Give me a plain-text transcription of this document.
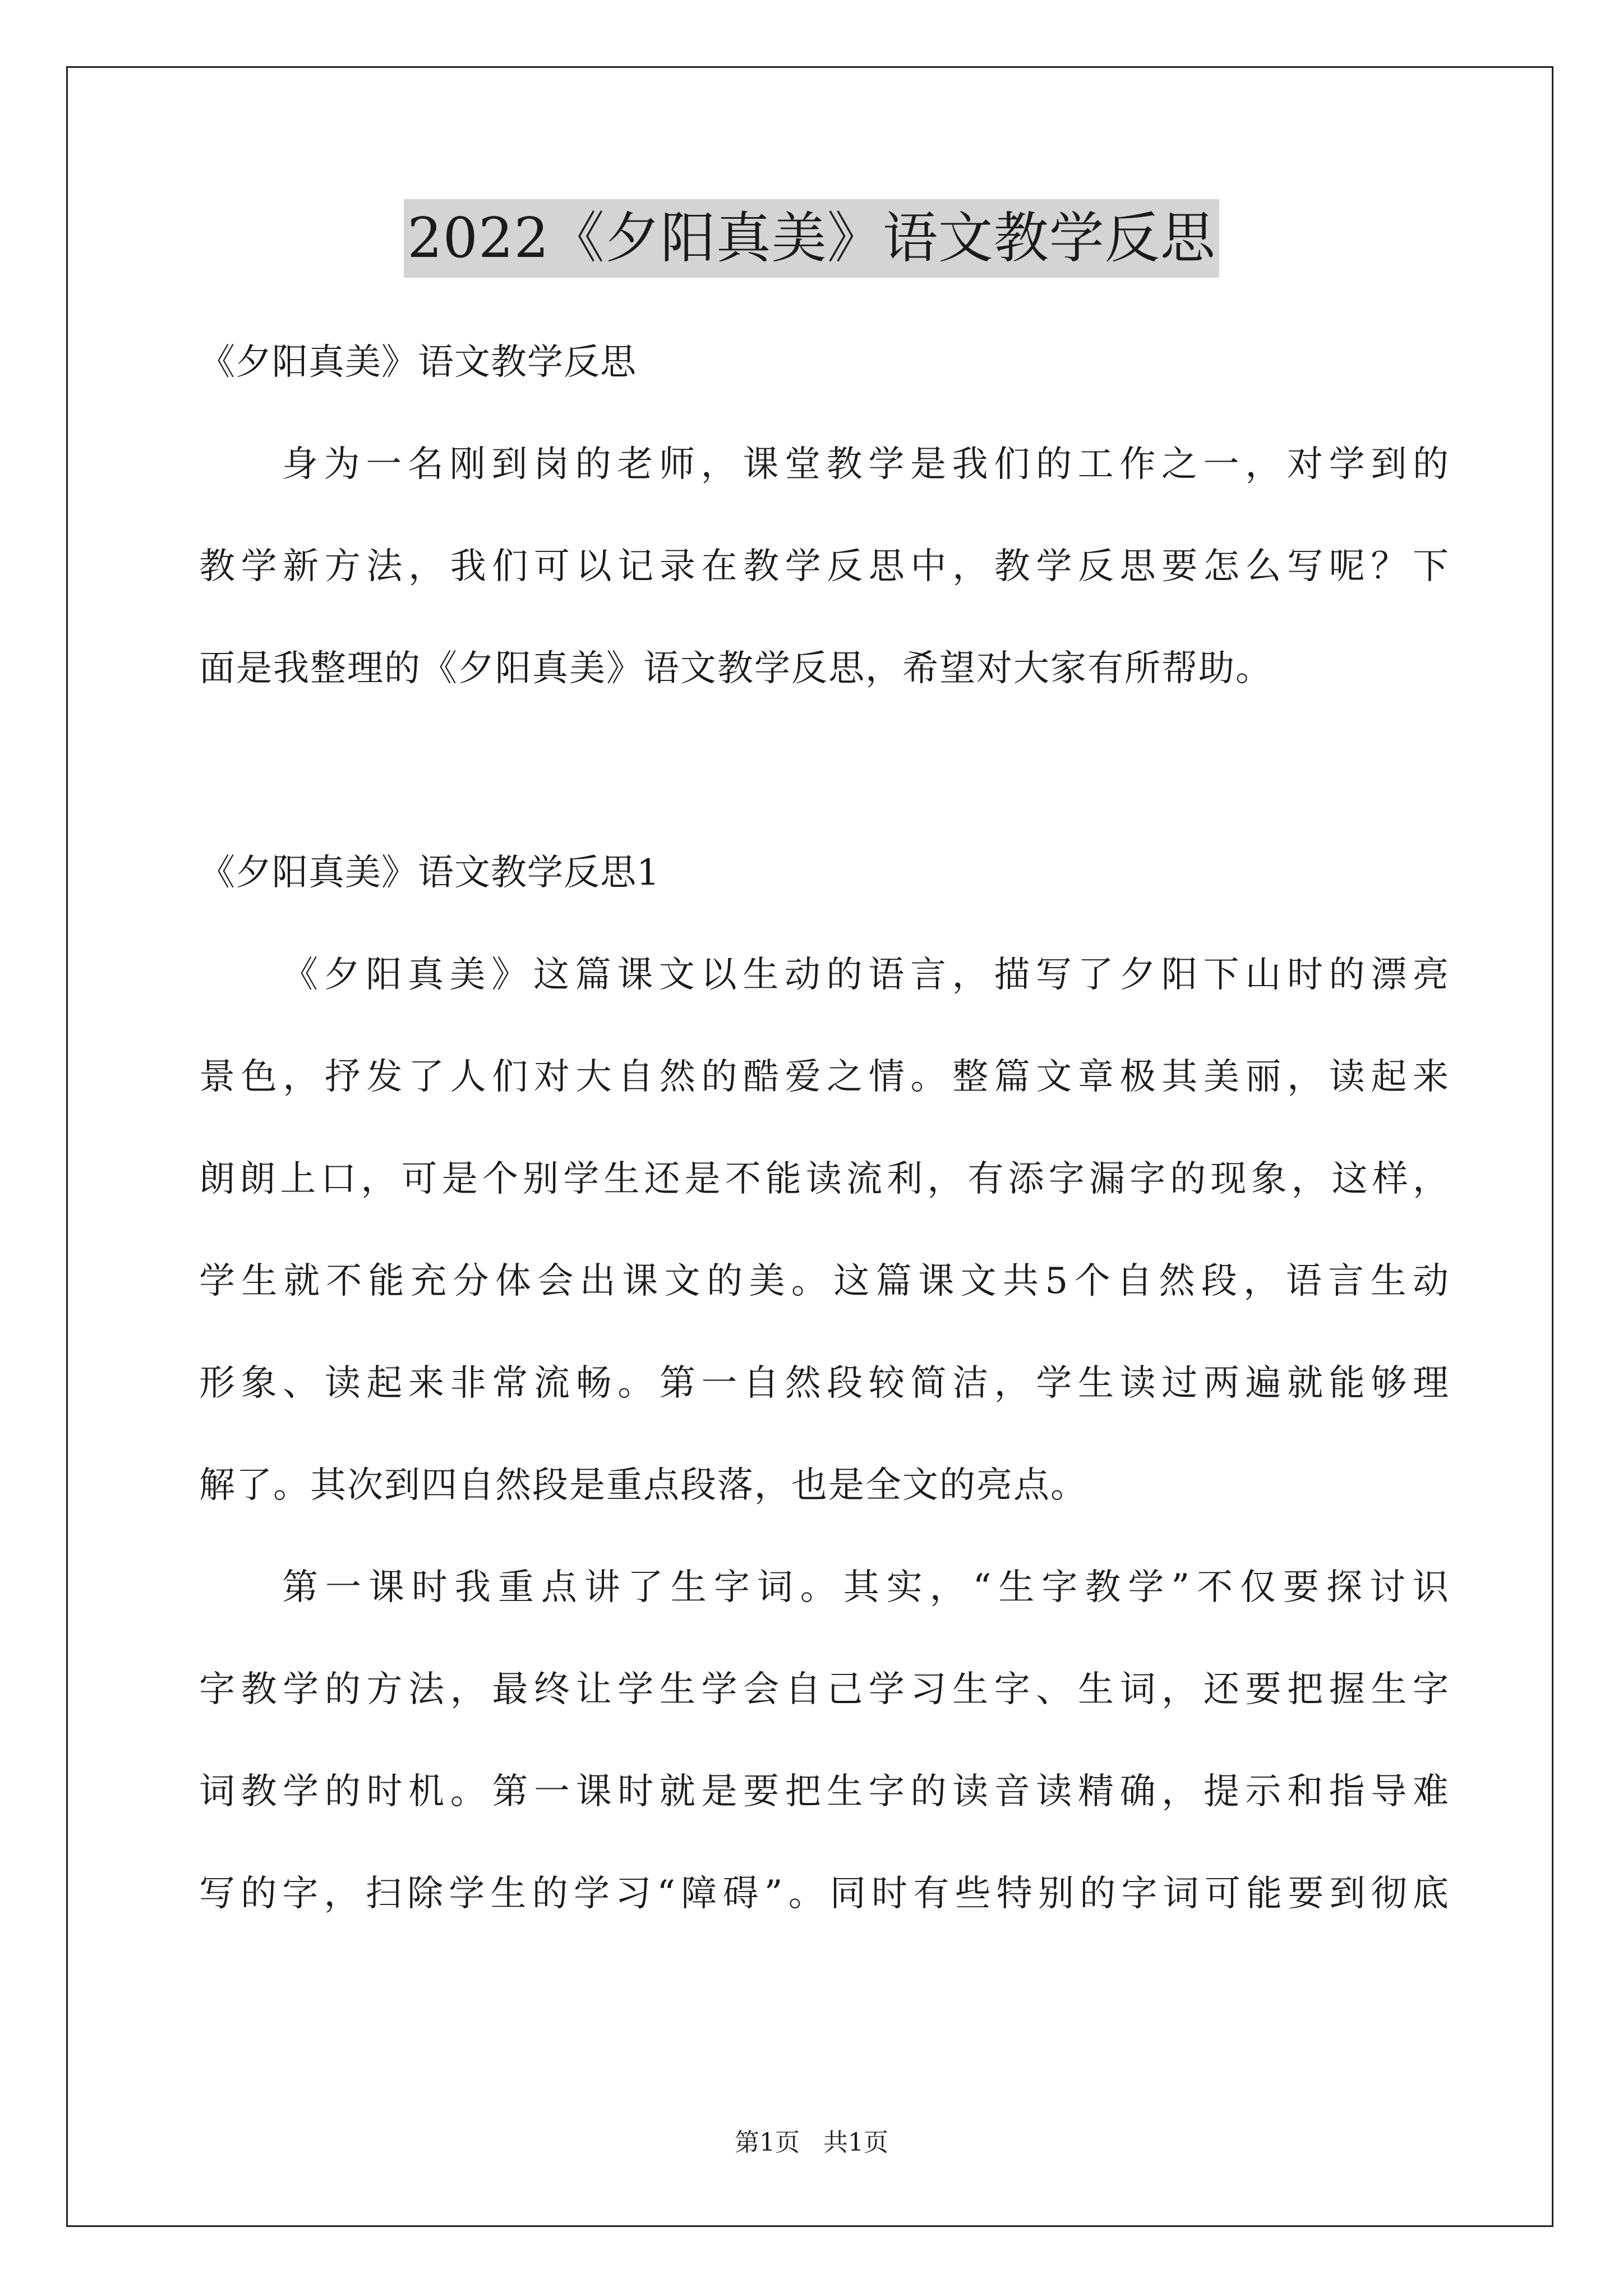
2022《夕阳真美》语文教学反思
《夕阳真美》语文教学反思
身为一名刚到岗的老师，课堂教学是我们的工作之一，对学到的
教学新方法，我们可以记录在教学反思中，教学反思要怎么写呢？下
面是我整理的《夕阳真美》语文教学反思，希望对大家有所帮助。
《夕阳真美》语文教学反思1
《夕阳真美》这篇课文以生动的语言，描写了夕阳下山时的漂亮
景色，抒发了人们对大自然的酷爱之情。整篇文章极其美丽，读起来
朗朗上口，可是个别学生还是不能读流利，有添字漏字的现象，这样，
学生就不能充分体会出课文的美。这篇课文共5个自然段，语言生动
形象、读起来非常流畅。第一自然段较简洁，学生读过两遍就能够理
解了。其次到四自然段是重点段落，也是全文的亮点。
第一课时我重点讲了生字词。其实，“生字教学”不仅要探讨识
字教学的方法，最终让学生学会自己学习生字、生词，还要把握生字
词教学的时机。第一课时就是要把生字的读音读精确，提示和指导难
写的字，扫除学生的学习“障碍”。同时有些特别的字词可能要到彻底
第1页   共1页
